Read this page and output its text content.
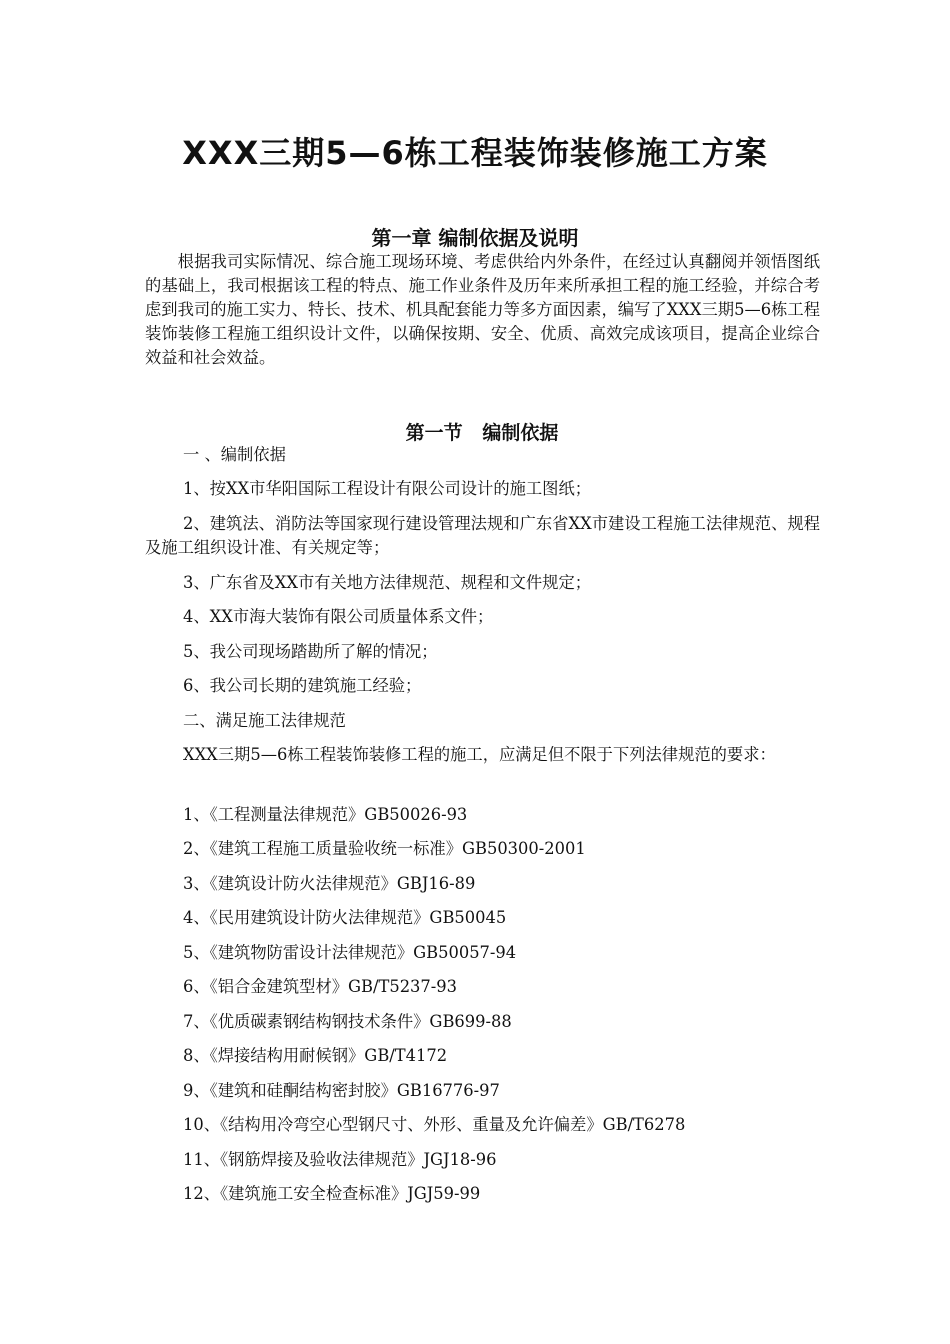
XXX三期5—6栋工程装饰装修施工方案
第一章 编制依据及说明

根据我司实际情况、综合施工现场环境、考虑供给内外条件，在经过认真翻阅并领悟图纸的基础上，我司根据该工程的特点、施工作业条件及历年来所承担工程的施工经验，并综合考虑到我司的施工实力、特长、技术、机具配套能力等多方面因素，编写了XXX三期5—6栋工程装饰装修工程施工组织设计文件，以确保按期、安全、优质、高效完成该项目，提高企业综合效益和社会效益。

第一节   编制依据

一 、编制依据

1、按XX市华阳国际工程设计有限公司设计的施工图纸；

2、建筑法、消防法等国家现行建设管理法规和广东省XX市建设工程施工法律规范、规程及施工组织设计准、有关规定等；

3、广东省及XX市有关地方法律规范、规程和文件规定；

4、XX市海大装饰有限公司质量体系文件；

5、我公司现场踏勘所了解的情况；

6、我公司长期的建筑施工经验；

二、满足施工法律规范

XXX三期5—6栋工程装饰装修工程的施工，应满足但不限于下列法律规范的要求：

1、《工程测量法律规范》GB50026-93

2、《建筑工程施工质量验收统一标准》GB50300-2001

3、《建筑设计防火法律规范》GBJ16-89

4、《民用建筑设计防火法律规范》GB50045

5、《建筑物防雷设计法律规范》GB50057-94

6、《铝合金建筑型材》GB/T5237-93

7、《优质碳素钢结构钢技术条件》GB699-88

8、《焊接结构用耐候钢》GB/T4172

9、《建筑和硅酮结构密封胶》GB16776-97

10、《结构用冷弯空心型钢尺寸、外形、重量及允许偏差》GB/T6278

11、《钢筋焊接及验收法律规范》JGJ18-96

12、《建筑施工安全检查标准》JGJ59-99
